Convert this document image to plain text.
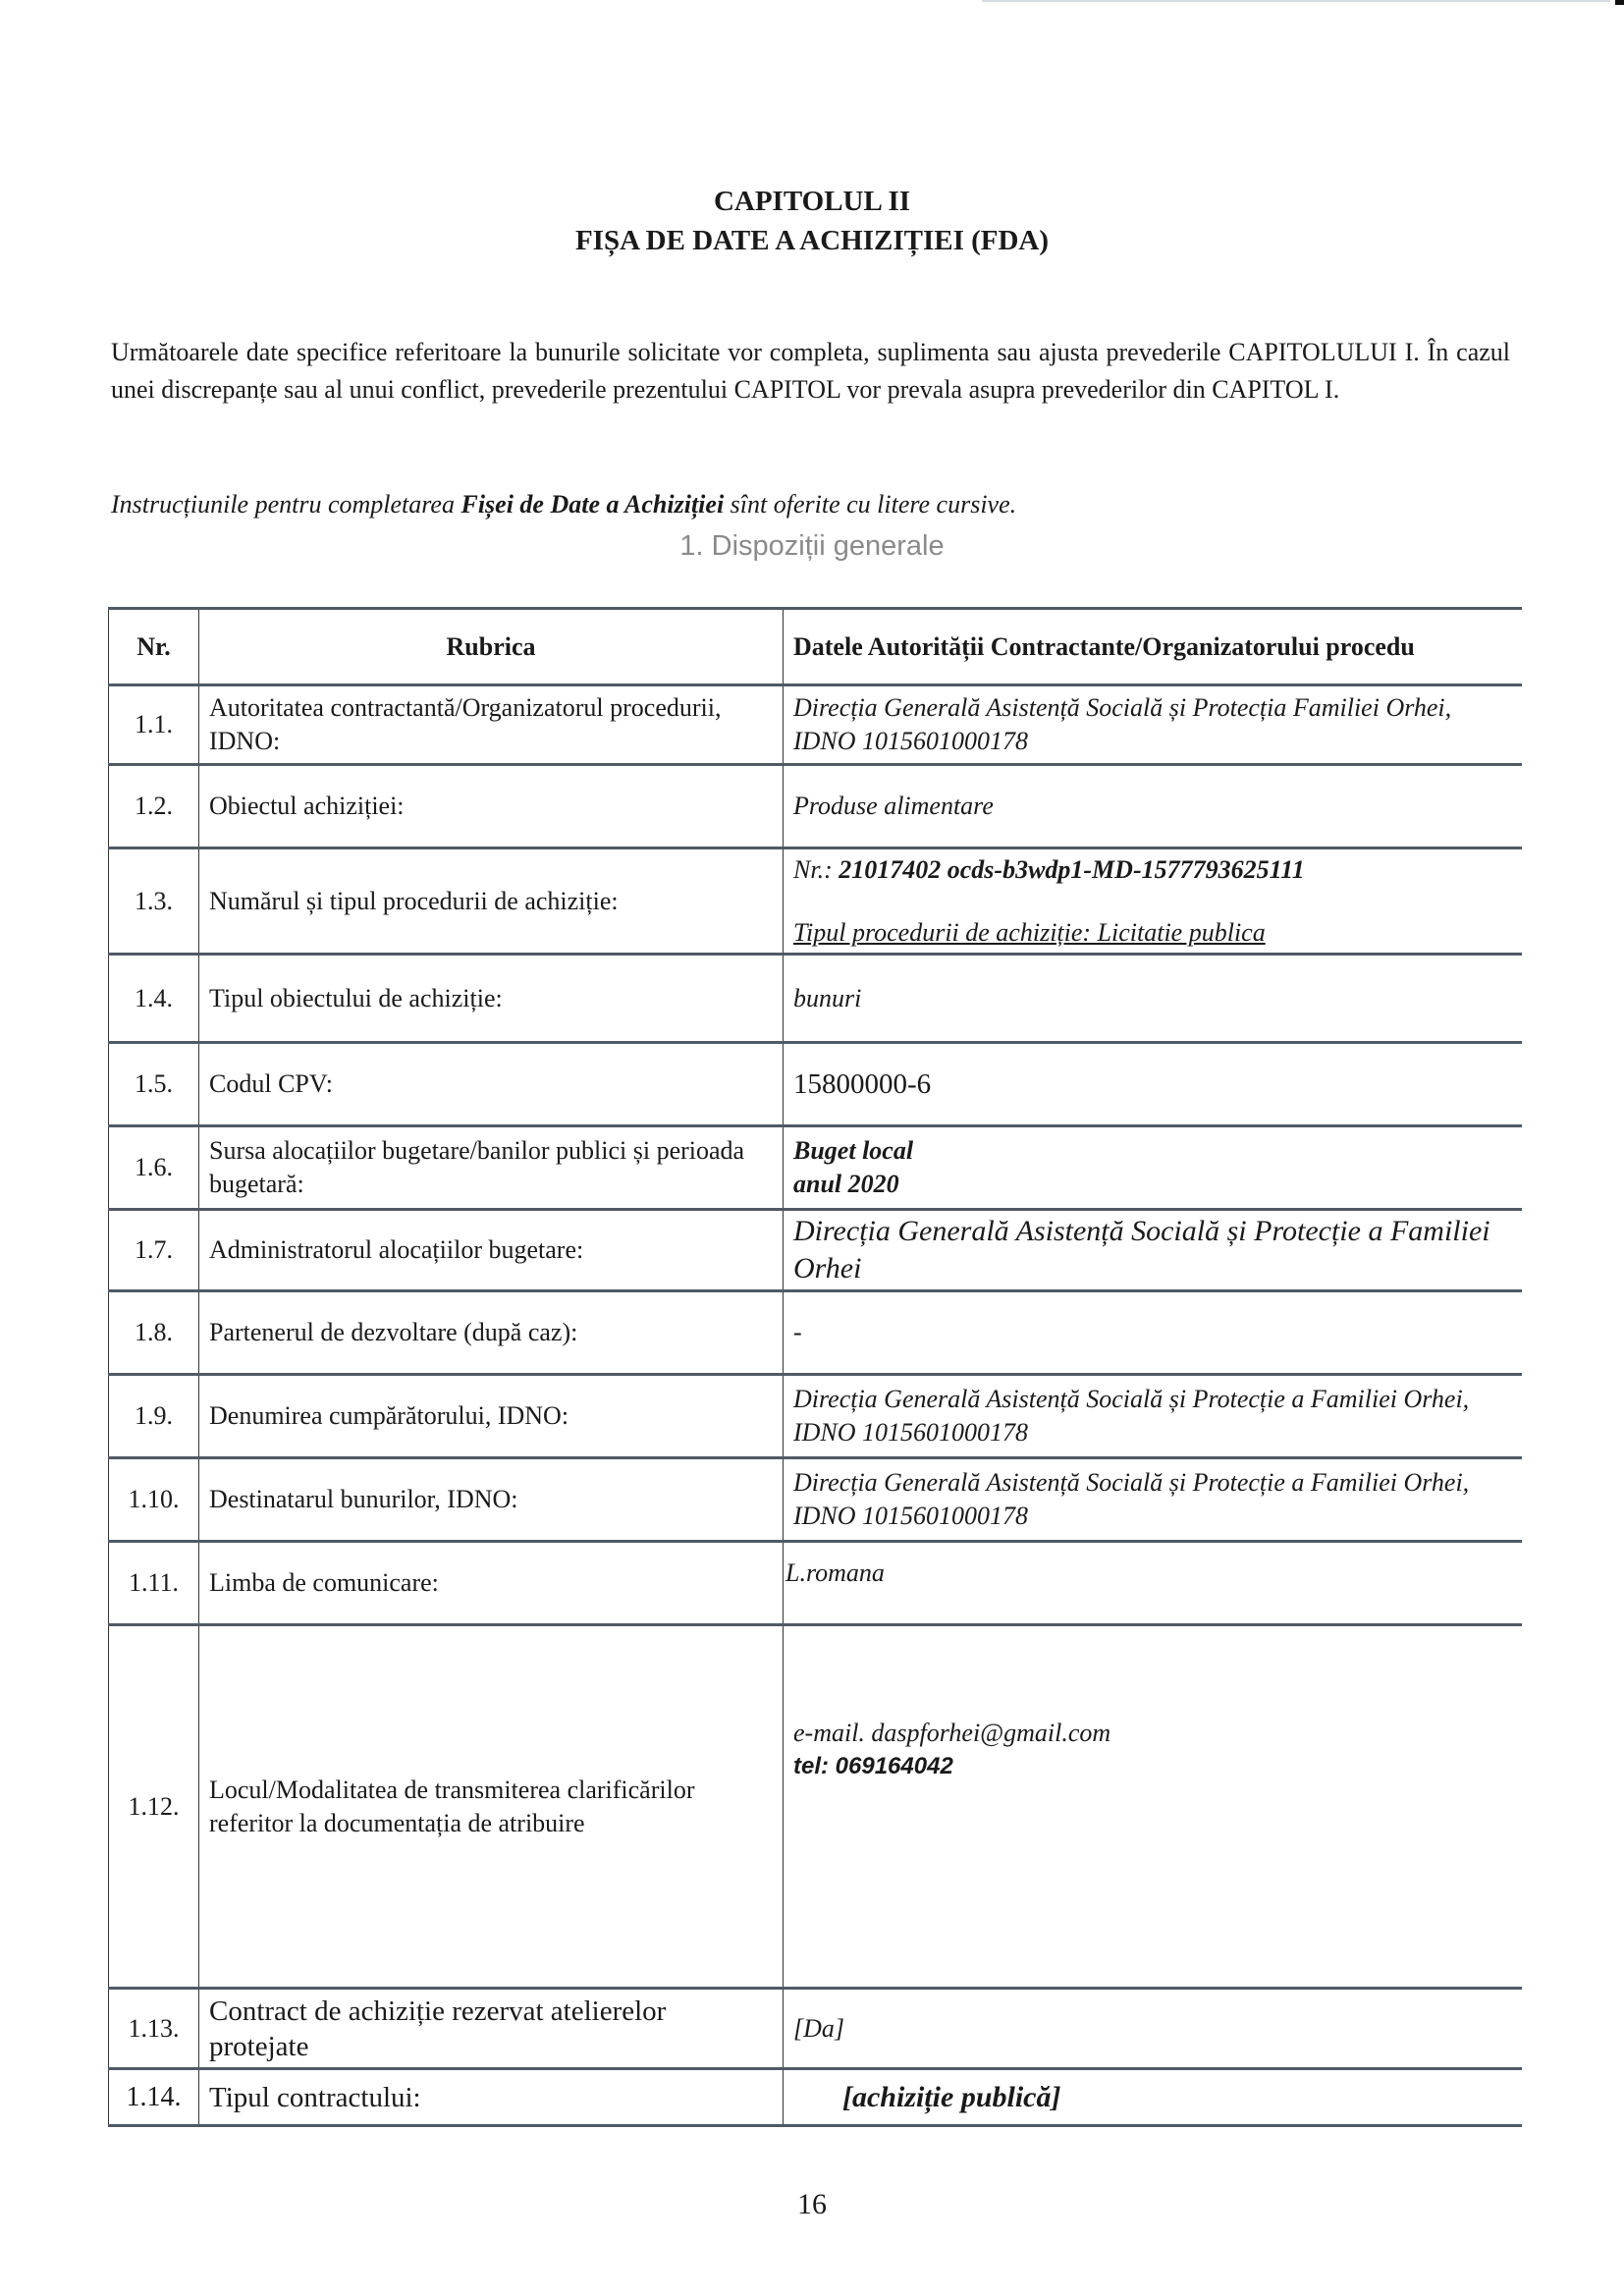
CAPITOLUL II
FIȘA DE DATE A ACHIZIȚIEI (FDA)

Următoarele date specifice referitoare la bunurile solicitate vor completa, suplimenta sau ajusta prevederile CAPITOLULUI I. În cazul unei discrepanțe sau al unui conflict, prevederile prezentului CAPITOL vor prevala asupra prevederilor din CAPITOL I.

Instrucțiunile pentru completarea Fișei de Date a Achiziției sînt oferite cu litere cursive.

1. Dispoziții generale
Nr.	Rubrica	Datele Autorității Contractante/Organizatorului procedu
1.1.	Autoritatea contractantă/Organizatorul procedurii, IDNO:	Direcția Generală Asistență Socială și Protecția Familiei Orhei, IDNO 1015601000178
1.2.	Obiectul achiziției:	Produse alimentare
1.3.	Numărul și tipul procedurii de achiziție:	Nr.: 21017402 ocds-b3wdp1-MD-1577793625111
Tipul procedurii de achiziție: Licitatie publica

1.4.	Tipul obiectului de achiziție:	bunuri
1.5.	Codul CPV:	15800000-6
1.6.	Sursa alocațiilor bugetare/banilor publici și perioada bugetară:	Buget local
anul 2020

1.7.	Administratorul alocațiilor bugetare:	Direcția Generală Asistență Socială și Protecție a Familiei Orhei
1.8.	Partenerul de dezvoltare (după caz):	-
1.9.	Denumirea cumpărătorului, IDNO:	Direcția Generală Asistență Socială și Protecție a Familiei Orhei, IDNO 1015601000178
1.10.	Destinatarul bunurilor, IDNO:	Direcția Generală Asistență Socială și Protecție a Familiei Orhei, IDNO 1015601000178
1.11.	Limba de comunicare:	L.romana
1.12.	Locul/Modalitatea de transmiterea clarificărilor referitor la documentația de atribuire	e-mail. daspforhei@gmail.com
tel: 069164042

1.13.	Contract de achiziție rezervat atelierelor protejate	[Da]
1.14.	Tipul contractului:	[achiziție publică]
16
